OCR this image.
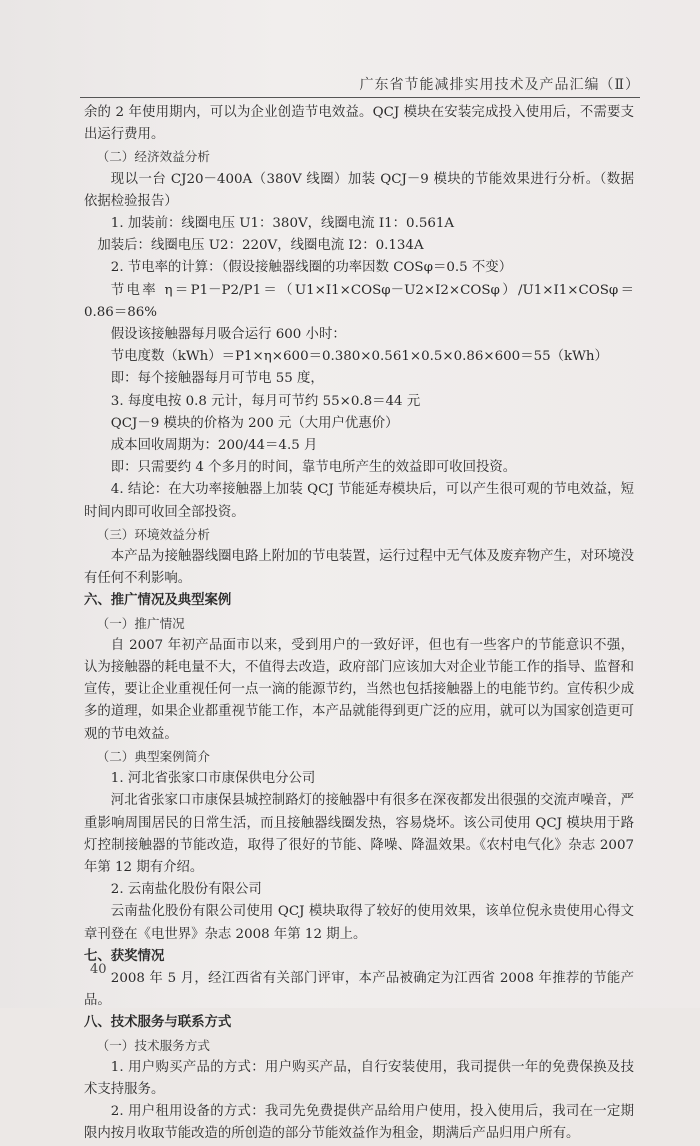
广东省节能减排实用技术及产品汇编（Ⅱ）

余的 2 年使用期内，可以为企业创造节电效益。QCJ 模块在安装完成投入使用后，不需要支出运行费用。

（二）经济效益分析

现以一台 CJ20－400A（380V 线圈）加装 QCJ－9 模块的节能效果进行分析。（数据依据检验报告）

1. 加装前：线圈电压 U1：380V，线圈电流 I1：0.561A

加装后：线圈电压 U2：220V，线圈电流 I2：0.134A

2. 节电率的计算：（假设接触器线圈的功率因数 COSφ＝0.5 不变）

节电率 η＝P1－P2/P1＝（U1×I1×COSφ－U2×I2×COSφ）/U1×I1×COSφ＝0.86＝86%

假设该接触器每月吸合运行 600 小时：

节电度数（kWh）＝P1×η×600＝0.380×0.561×0.5×0.86×600＝55（kWh）

即：每个接触器每月可节电 55 度，

3. 每度电按 0.8 元计，每月可节约 55×0.8＝44 元

QCJ－9 模块的价格为 200 元（大用户优惠价）

成本回收周期为：200/44＝4.5 月

即：只需要约 4 个多月的时间，靠节电所产生的效益即可收回投资。

4. 结论：在大功率接触器上加装 QCJ 节能延寿模块后，可以产生很可观的节电效益，短时间内即可收回全部投资。

（三）环境效益分析

本产品为接触器线圈电路上附加的节电装置，运行过程中无气体及废弃物产生，对环境没有任何不利影响。

六、推广情况及典型案例

（一）推广情况

自 2007 年初产品面市以来，受到用户的一致好评，但也有一些客户的节能意识不强，认为接触器的耗电量不大，不值得去改造，政府部门应该加大对企业节能工作的指导、监督和宣传，要让企业重视任何一点一滴的能源节约，当然也包括接触器上的电能节约。宣传积少成多的道理，如果企业都重视节能工作，本产品就能得到更广泛的应用，就可以为国家创造更可观的节电效益。

（二）典型案例简介

1. 河北省张家口市康保供电分公司

河北省张家口市康保县城控制路灯的接触器中有很多在深夜都发出很强的交流声噪音，严重影响周围居民的日常生活，而且接触器线圈发热，容易烧坏。该公司使用 QCJ 模块用于路灯控制接触器的节能改造，取得了很好的节能、降噪、降温效果。《农村电气化》杂志 2007 年第 12 期有介绍。

2. 云南盐化股份有限公司

云南盐化股份有限公司使用 QCJ 模块取得了较好的使用效果，该单位倪永贵使用心得文章刊登在《电世界》杂志 2008 年第 12 期上。

七、获奖情况

2008 年 5 月，经江西省有关部门评审，本产品被确定为江西省 2008 年推荐的节能产品。

八、技术服务与联系方式

（一）技术服务方式

1. 用户购买产品的方式：用户购买产品，自行安装使用，我司提供一年的免费保换及技术支持服务。

2. 用户租用设备的方式：我司先免费提供产品给用户使用，投入使用后，我司在一定期限内按月收取节能改造的所创造的部分节能效益作为租金，期满后产品归用户所有。

40
